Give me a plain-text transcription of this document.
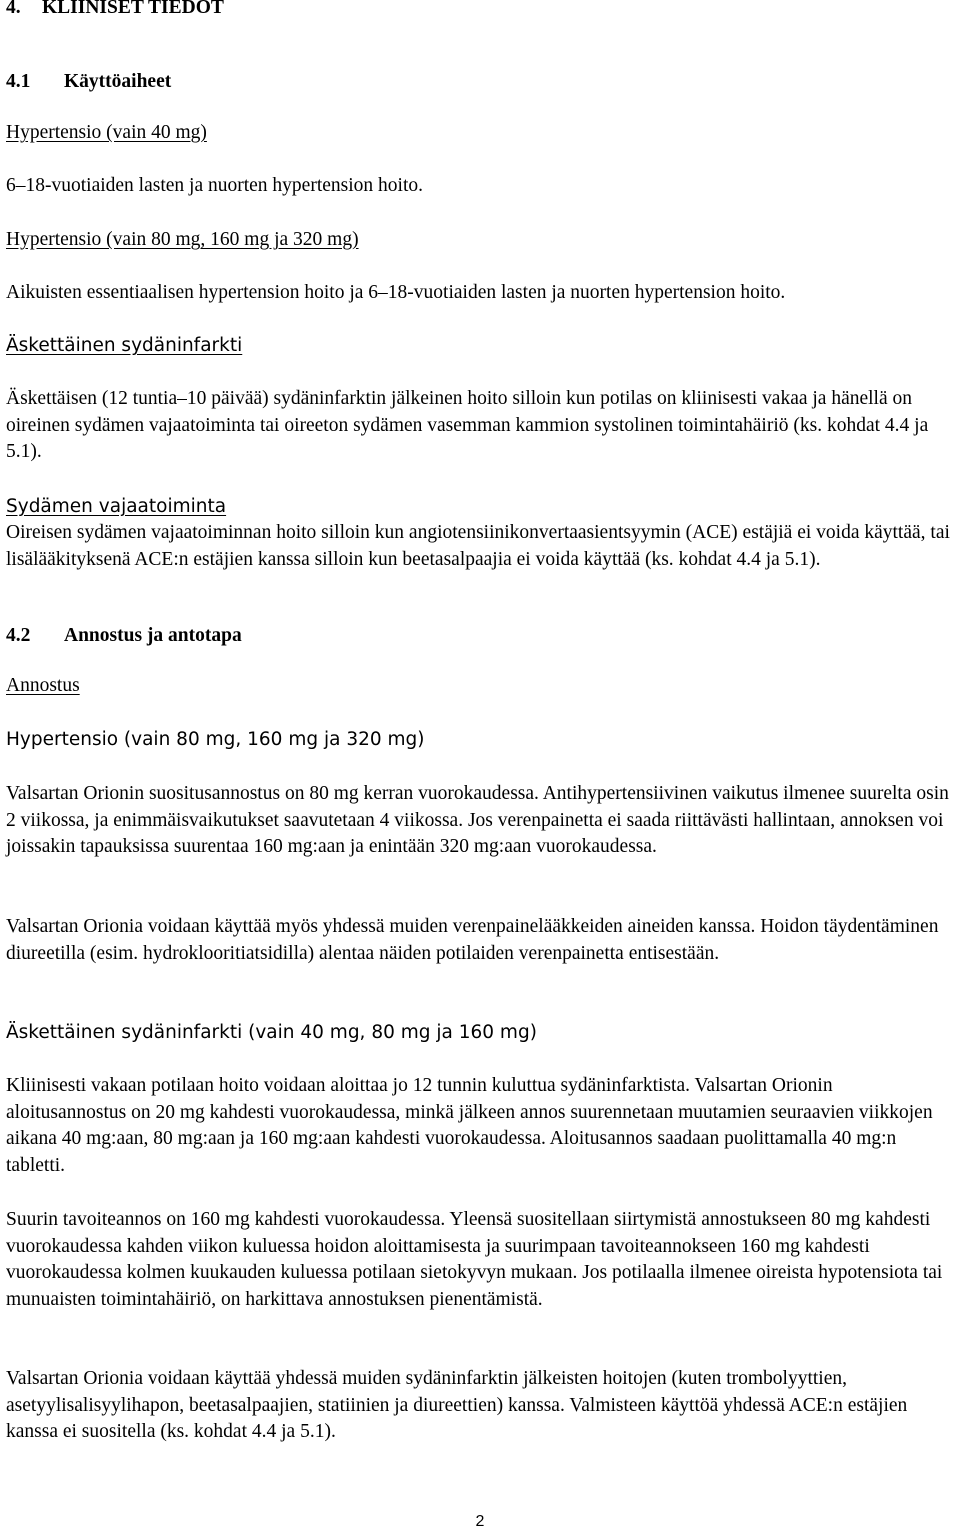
4. KLIINISET TIEDOT
4.1 Käyttöaiheet
Hypertensio (vain 40 mg)
6–18-vuotiaiden lasten ja nuorten hypertension hoito.
Hypertensio (vain 80 mg, 160 mg ja 320 mg)
Aikuisten essentiaalisen hypertension hoito ja 6–18-vuotiaiden lasten ja nuorten hypertension hoito.
Äskettäinen sydäninfarkti
Äskettäisen (12 tuntia–10 päivää) sydäninfarktin jälkeinen hoito silloin kun potilas on kliinisesti vakaa ja hänellä on oireinen sydämen vajaatoiminta tai oireeton sydämen vasemman kammion systolinen toimintahäiriö (ks. kohdat 4.4 ja 5.1).
Sydämen vajaatoiminta
Oireisen sydämen vajaatoiminnan hoito silloin kun angiotensiinikonvertaasientsyymin (ACE) estäjiä ei voida käyttää, tai lisälääkityksenä ACE:n estäjien kanssa silloin kun beetasalpaajia ei voida käyttää (ks. kohdat 4.4 ja 5.1).
4.2 Annostus ja antotapa
Annostus
Hypertensio (vain 80 mg, 160 mg ja 320 mg)
Valsartan Orionin suositusannostus on 80 mg kerran vuorokaudessa. Antihypertensiivinen vaikutus ilmenee suurelta osin 2 viikossa, ja enimmäisvaikutukset saavutetaan 4 viikossa. Jos verenpainetta ei saada riittävästi hallintaan, annoksen voi joissakin tapauksissa suurentaa 160 mg:aan ja enintään 320 mg:aan vuorokaudessa.
Valsartan Orionia voidaan käyttää myös yhdessä muiden verenpainelääkkeiden aineiden kanssa. Hoidon täydentäminen diureetilla (esim. hydroklooritiatsidilla) alentaa näiden potilaiden verenpainetta entisestään.
Äskettäinen sydäninfarkti (vain 40 mg, 80 mg ja 160 mg)
Kliinisesti vakaan potilaan hoito voidaan aloittaa jo 12 tunnin kuluttua sydäninfarktista. Valsartan Orionin aloitusannostus on 20 mg kahdesti vuorokaudessa, minkä jälkeen annos suurennetaan muutamien seuraavien viikkojen aikana 40 mg:aan, 80 mg:aan ja 160 mg:aan kahdesti vuorokaudessa. Aloitusannos saadaan puolittamalla 40 mg:n tabletti.
Suurin tavoiteannos on 160 mg kahdesti vuorokaudessa. Yleensä suositellaan siirtymistä annostukseen 80 mg kahdesti vuorokaudessa kahden viikon kuluessa hoidon aloittamisesta ja suurimpaan tavoiteannokseen 160 mg kahdesti vuorokaudessa kolmen kuukauden kuluessa potilaan sietokyvyn mukaan. Jos potilaalla ilmenee oireista hypotensiota tai munuaisten toimintahäiriö, on harkittava annostuksen pienentämistä.
Valsartan Orionia voidaan käyttää yhdessä muiden sydäninfarktin jälkeisten hoitojen (kuten trombolyyttien, asetyylisalisyylihapon, beetasalpaajien, statiinien ja diureettien) kanssa. Valmisteen käyttöä yhdessä ACE:n estäjien kanssa ei suositella (ks. kohdat 4.4 ja 5.1).
2
